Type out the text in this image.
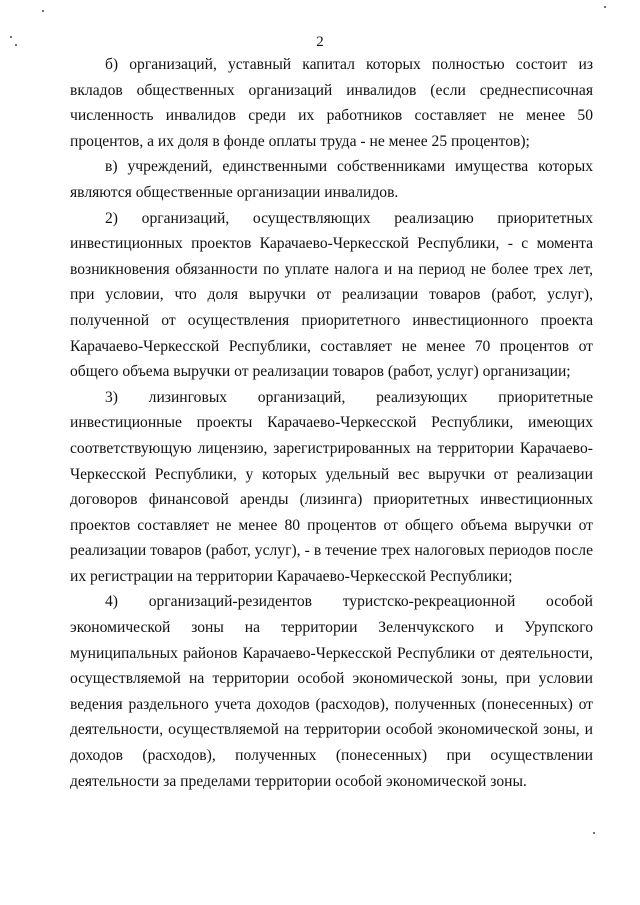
2

б) организаций, уставный капитал которых полностью состоит из вкладов общественных организаций инвалидов (если среднесписочная численность инвалидов среди их работников составляет не менее 50 процентов, а их доля в фонде оплаты труда - не менее 25 процентов);

в) учреждений, единственными собственниками имущества которых являются общественные организации инвалидов.

2) организаций, осуществляющих реализацию приоритетных инвестиционных проектов Карачаево-Черкесской Республики, - с момента возникновения обязанности по уплате налога и на период не более трех лет, при условии, что доля выручки от реализации товаров (работ, услуг), полученной от осуществления приоритетного инвестиционного проекта Карачаево-Черкесской Республики, составляет не менее 70 процентов от общего объема выручки от реализации товаров (работ, услуг) организации;

3) лизинговых организаций, реализующих приоритетные инвестиционные проекты Карачаево-Черкесской Республики, имеющих соответствующую лицензию, зарегистрированных на территории Карачаево-Черкесской Республики, у которых удельный вес выручки от реализации договоров финансовой аренды (лизинга) приоритетных инвестиционных проектов составляет не менее 80 процентов от общего объема выручки от реализации товаров (работ, услуг), - в течение трех налоговых периодов после их регистрации на территории Карачаево-Черкесской Республики;

4) организаций-резидентов туристско-рекреационной особой экономической зоны на территории Зеленчукского и Урупского муниципальных районов Карачаево-Черкесской Республики от деятельности, осуществляемой на территории особой экономической зоны, при условии ведения раздельного учета доходов (расходов), полученных (понесенных) от деятельности, осуществляемой на территории особой экономической зоны, и доходов (расходов), полученных (понесенных) при осуществлении деятельности за пределами территории особой экономической зоны.
